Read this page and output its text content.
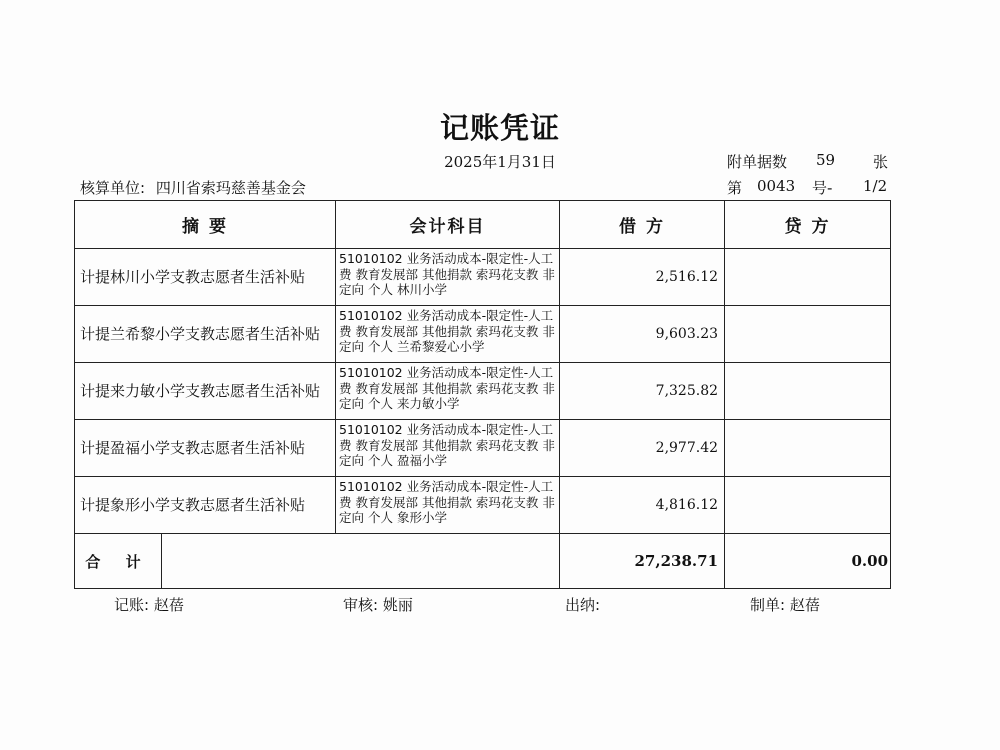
记账凭证
2025年1月31日	附单据数 59	张
核算单位: 四川省索玛慈善基金会	第 0043 号- 1/2
摘 要		会计科目	借 方	贷 方
计提林川小学支教志愿者生活补贴		51010102 业务活动成本-限定性-人工费 教育发展部 其他捐款 索玛花支教 非定向 个人 林川小学	2,516.12	
计提兰希黎小学支教志愿者生活补贴		51010102 业务活动成本-限定性-人工费 教育发展部 其他捐款 索玛花支教 非定向 个人 兰希黎爱心小学	9,603.23	
计提来力敏小学支教志愿者生活补贴		51010102 业务活动成本-限定性-人工费 教育发展部 其他捐款 索玛花支教 非定向 个人 来力敏小学	7,325.82	
计提盈福小学支教志愿者生活补贴		51010102 业务活动成本-限定性-人工费 教育发展部 其他捐款 索玛花支教 非定向 个人 盈福小学	2,977.42	
计提象形小学支教志愿者生活补贴		51010102 业务活动成本-限定性-人工费 教育发展部 其他捐款 索玛花支教 非定向 个人 象形小学	4,816.12	
合 计			27,238.71	0.00
记账: 赵蓓	审核: 姚丽	出纳:	制单: 赵蓓
